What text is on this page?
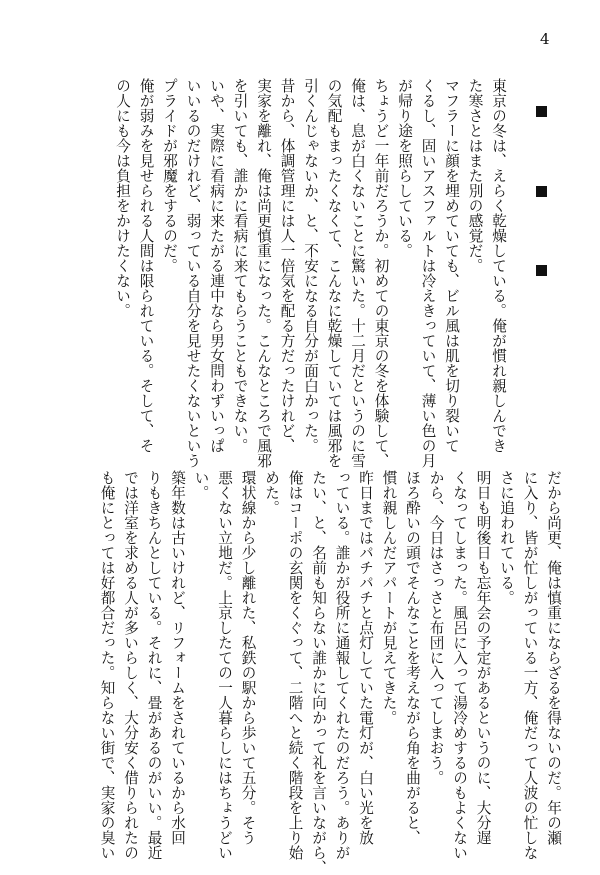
4
東京の冬は、えらく乾燥している。俺が慣れ親しんでき
た寒さとはまた別の感覚だ。
マフラーに顔を埋めていても、ビル風は肌を切り裂いて
くるし、固いアスファルトは冷えきっていて、薄い色の月
が帰り途を照らしている。
ちょうど一年前だろうか。初めての東京の冬を体験して、
俺は、息が白くないことに驚いた。十二月だというのに雪
の気配もまったくなくて、こんなに乾燥していては風邪を
引くんじゃないか、と、不安になる自分が面白かった。
昔から、体調管理には人一倍気を配る方だったけれど、
実家を離れ、俺は尚更慎重になった。こんなところで風邪
を引いても、誰かに看病に来てもらうこともできない。
いや、実際に看病に来たがる連中なら男女問わずいっぱ
いいるのだけれど、弱っている自分を見せたくないという
プライドが邪魔をするのだ。
俺が弱みを見せられる人間は限られている。そして、そ
の人にも今は負担をかけたくない。
だから尚更、俺は慎重にならざるを得ないのだ。年の瀬
に入り、皆が忙しがっている一方、俺だって人波の忙しな
さに追われている。
明日も明後日も忘年会の予定があるというのに、大分遅
くなってしまった。風呂に入って湯冷めするのもよくない
から、今日はさっさと布団に入ってしまおう。
ほろ酔いの頭でそんなことを考えながら角を曲がると、
慣れ親しんだアパートが見えてきた。
昨日まではパチパチと点灯していた電灯が、白い光を放
っている。誰かが役所に通報してくれたのだろう。ありが
たい、と、名前も知らない誰かに向かって礼を言いながら、
俺はコーポの玄関をくぐって、二階へと続く階段を上り始
めた。
環状線から少し離れた、私鉄の駅から歩いて五分。そう
悪くない立地だ。上京したての一人暮らしにはちょうどい
い。
築年数は古いけれど、リフォームをされているから水回
りもきちんとしている。それに、畳があるのがいい。最近
では洋室を求める人が多いらしく、大分安く借りられたの
も俺にとっては好都合だった。知らない街で、実家の臭い
